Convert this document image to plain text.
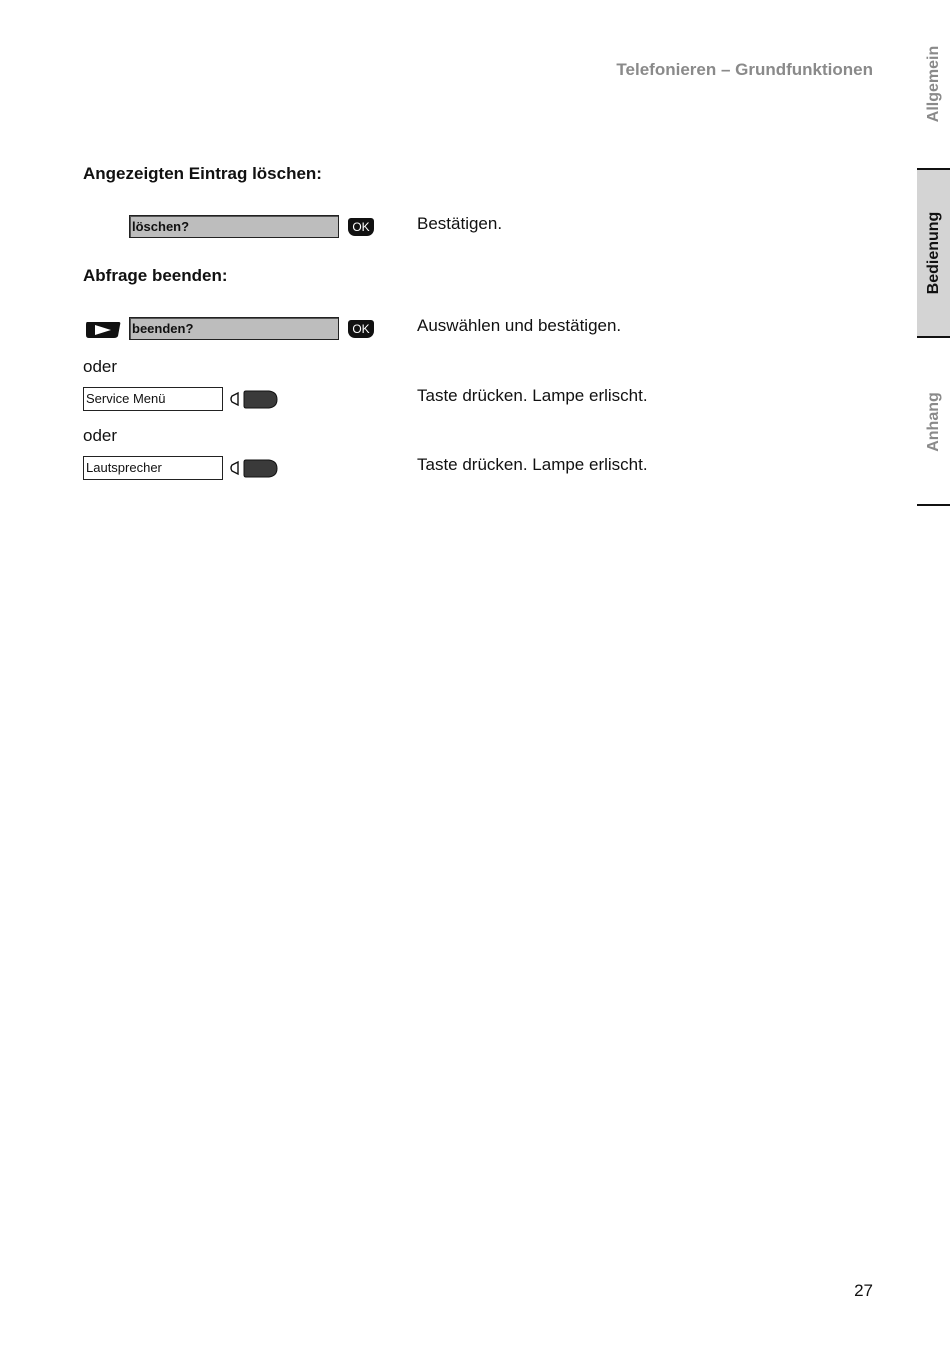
Telefonieren – Grundfunktionen	Allgemein
Bedienung
Anhang
Angezeigten Eintrag löschen:
löschen?	OK	Bestätigen.
Abfrage beenden:
beenden?	OK	Auswählen und bestätigen.
oder
Service Menü	Taste drücken. Lampe erlischt.
oder
Lautsprecher	Taste drücken. Lampe erlischt.
27
